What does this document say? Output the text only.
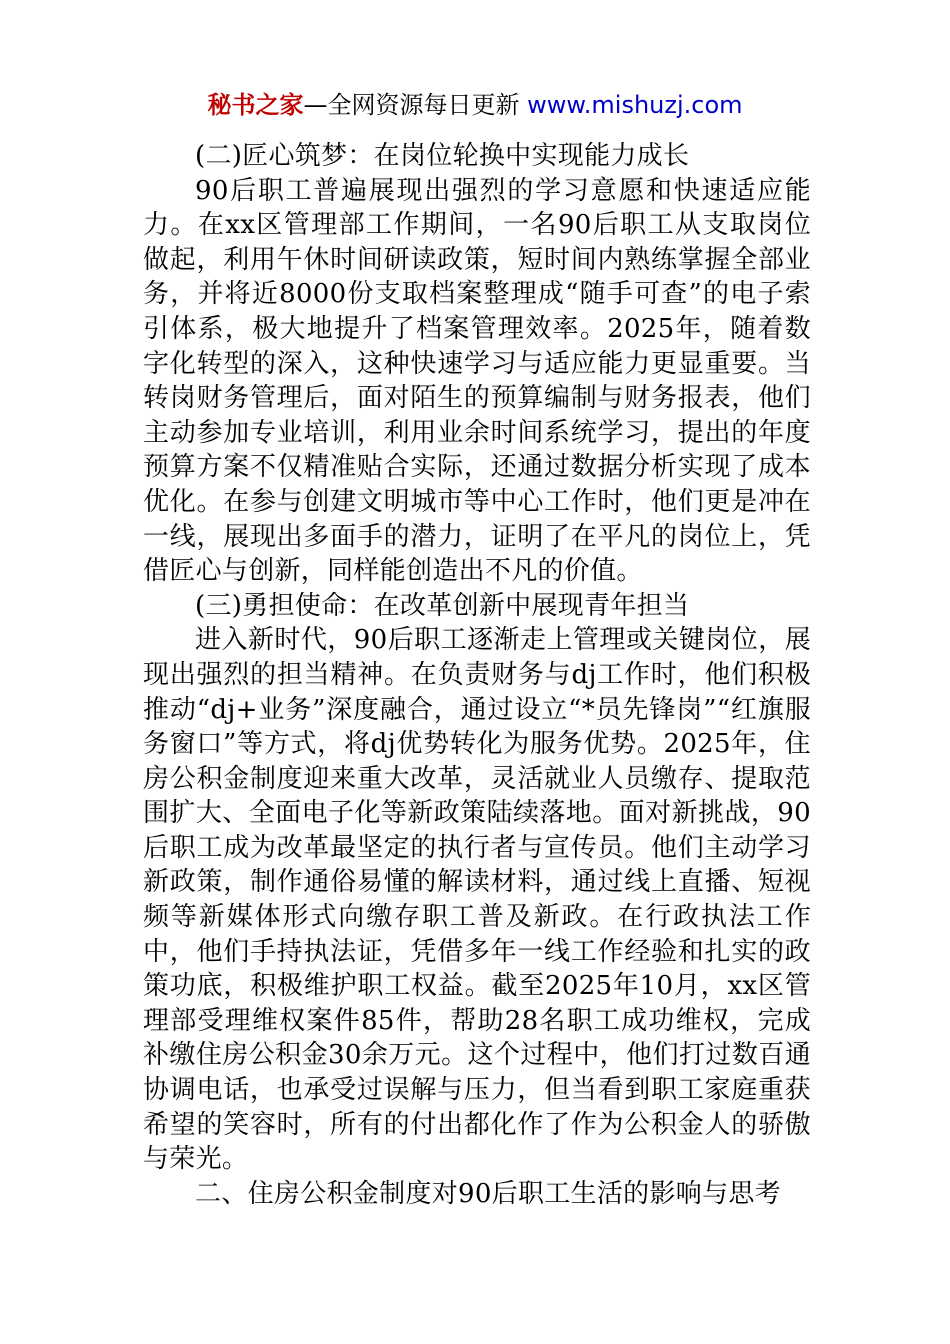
秘书之家—全网资源每日更新 www.mishuzj.com

(二)匠心筑梦：在岗位轮换中实现能力成长

90后职工普遍展现出强烈的学习意愿和快速适应能力。在xx区管理部工作期间，一名90后职工从支取岗位做起，利用午休时间研读政策，短时间内熟练掌握全部业务，并将近8000份支取档案整理成“随手可查”的电子索引体系，极大地提升了档案管理效率。2025年，随着数字化转型的深入，这种快速学习与适应能力更显重要。当转岗财务管理后，面对陌生的预算编制与财务报表，他们主动参加专业培训，利用业余时间系统学习，提出的年度预算方案不仅精准贴合实际，还通过数据分析实现了成本优化。在参与创建文明城市等中心工作时，他们更是冲在一线，展现出多面手的潜力，证明了在平凡的岗位上，凭借匠心与创新，同样能创造出不凡的价值。

(三)勇担使命：在改革创新中展现青年担当

进入新时代，90后职工逐渐走上管理或关键岗位，展现出强烈的担当精神。在负责财务与dj工作时，他们积极推动“dj+业务”深度融合，通过设立“*员先锋岗”“红旗服务窗口”等方式，将dj优势转化为服务优势。2025年，住房公积金制度迎来重大改革，灵活就业人员缴存、提取范围扩大、全面电子化等新政策陆续落地。面对新挑战，90后职工成为改革最坚定的执行者与宣传员。他们主动学习新政策，制作通俗易懂的解读材料，通过线上直播、短视频等新媒体形式向缴存职工普及新政。在行政执法工作中，他们手持执法证，凭借多年一线工作经验和扎实的政策功底，积极维护职工权益。截至2025年10月，xx区管理部受理维权案件85件，帮助28名职工成功维权，完成补缴住房公积金30余万元。这个过程中，他们打过数百通协调电话，也承受过误解与压力，但当看到职工家庭重获希望的笑容时，所有的付出都化作了作为公积金人的骄傲与荣光。

二、住房公积金制度对90后职工生活的影响与思考
